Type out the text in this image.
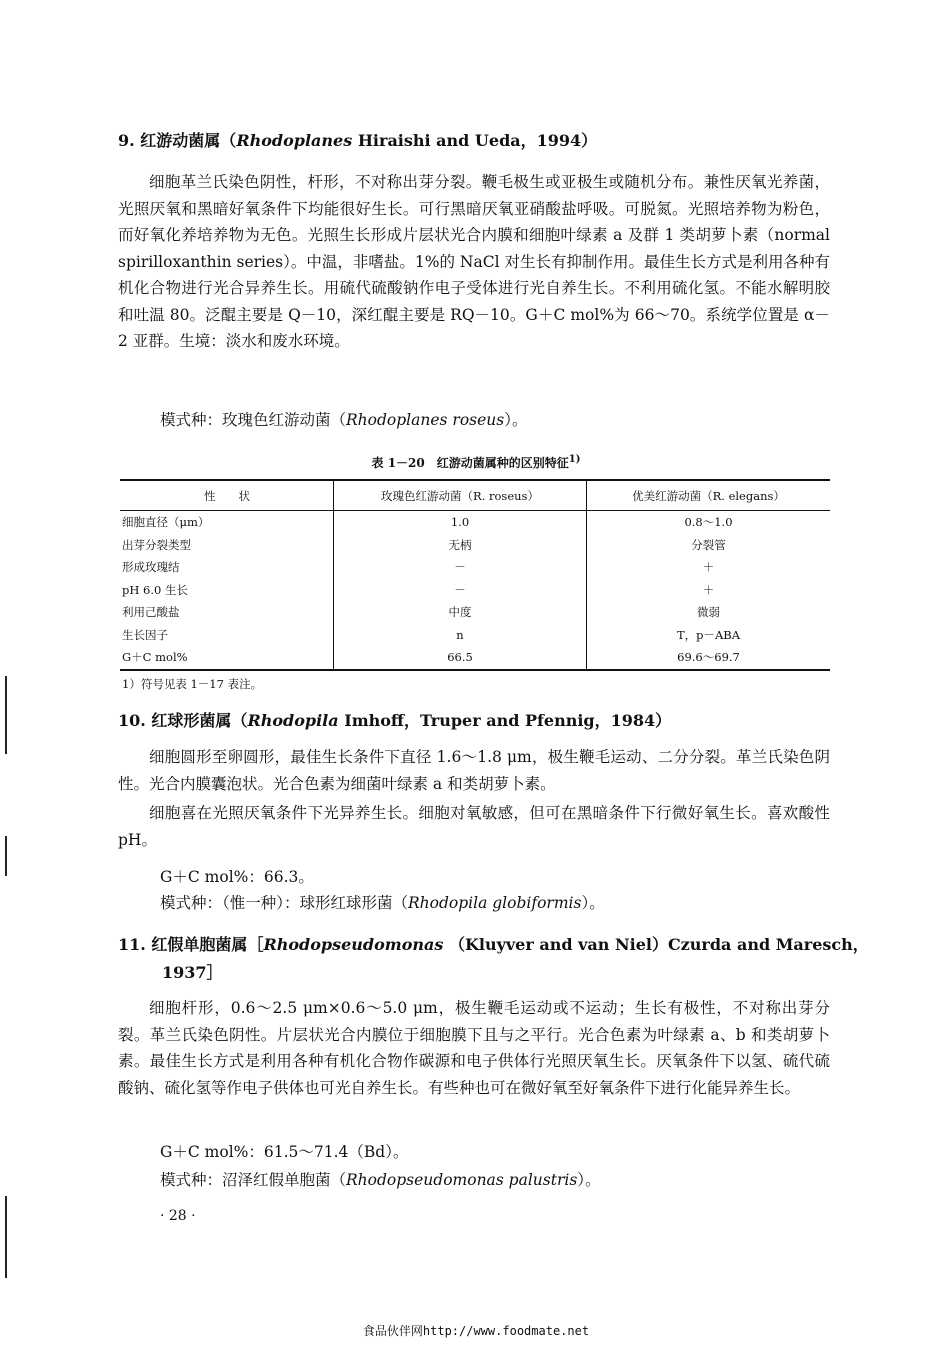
9. 红游动菌属（Rhodoplanes Hiraishi and Ueda，1994）
细胞革兰氏染色阴性，杆形，不对称出芽分裂。鞭毛极生或亚极生或随机分布。兼性厌氧光养菌，光照厌氧和黑暗好氧条件下均能很好生长。可行黑暗厌氧亚硝酸盐呼吸。可脱氮。光照培养物为粉色，而好氧化养培养物为无色。光照生长形成片层状光合内膜和细胞叶绿素 a 及群 1 类胡萝卜素（normal spirilloxanthin series）。中温，非嗜盐。1%的 NaCl 对生长有抑制作用。最佳生长方式是利用各种有机化合物进行光合异养生长。用硫代硫酸钠作电子受体进行光自养生长。不利用硫化氢。不能水解明胶和吐温 80。泛醌主要是 Q－10，深红醌主要是 RQ－10。G＋C mol%为 66～70。系统学位置是 α－2 亚群。生境：淡水和废水环境。
模式种：玫瑰色红游动菌（Rhodoplanes roseus）。
表 1－20　红游动菌属种的区别特征$^{1)}$
性　　状	玫瑰色红游动菌（R. roseus）	优美红游动菌（R. elegans）
细胞直径（μm）	1.0	0.8～1.0
出芽分裂类型	无柄	分裂管
形成玫瑰结	－	＋
pH 6.0 生长	－	＋
利用己酸盐	中度	微弱
生长因子	n	T，p－ABA
G＋C mol%	66.5	69.6～69.7
1）符号见表 1－17 表注。
10. 红球形菌属（Rhodopila Imhoff，Truper and Pfennig，1984）
细胞圆形至卵圆形，最佳生长条件下直径 1.6～1.8 μm，极生鞭毛运动、二分分裂。革兰氏染色阴性。光合内膜囊泡状。光合色素为细菌叶绿素 a 和类胡萝卜素。
细胞喜在光照厌氧条件下光异养生长。细胞对氧敏感，但可在黑暗条件下行微好氧生长。喜欢酸性 pH。
G＋C mol%：66.3。
模式种：（惟一种）：球形红球形菌（Rhodopila globiformis）。
11. 红假单胞菌属［Rhodopseudomonas （Kluyver and van Niel）Czurda and Maresch，
1937］
细胞杆形，0.6～2.5 μm×0.6～5.0 μm，极生鞭毛运动或不运动；生长有极性，不对称出芽分裂。革兰氏染色阴性。片层状光合内膜位于细胞膜下且与之平行。光合色素为叶绿素 a、b 和类胡萝卜素。最佳生长方式是利用各种有机化合物作碳源和电子供体行光照厌氧生长。厌氧条件下以氢、硫代硫酸钠、硫化氢等作电子供体也可光自养生长。有些种也可在微好氧至好氧条件下进行化能异养生长。
G＋C mol%：61.5～71.4（Bd）。
模式种：沼泽红假单胞菌（Rhodopseudomonas palustris）。
· 28 ·
食品伙伴网http://www.foodmate.net
